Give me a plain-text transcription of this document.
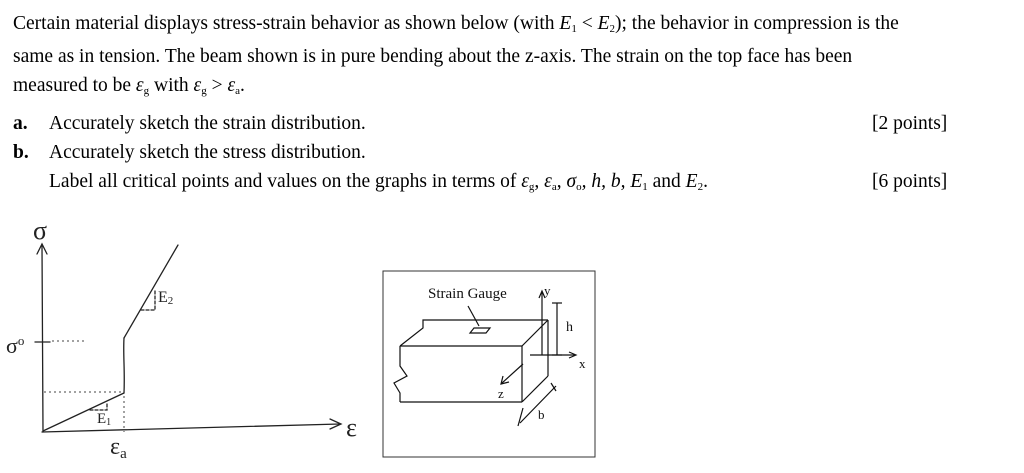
Certain material displays stress-strain behavior as shown below (with $E_1 < E_2$); the behavior in compression is the
same as in tension. The beam shown is in pure bending about the z-axis. The strain on the top face has been
measured to be $\varepsilon_g$ with $\varepsilon_g > \varepsilon_a$.
a. Accurately sketch the strain distribution.	[2 points]
b. Accurately sketch the stress distribution.
Label all critical points and values on the graphs in terms of $\varepsilon_g$, $\varepsilon_a$, $\sigma_o$, h, b, $E_1$ and $E_2$.	[6 points]
σ
ε
$\sigma^o$
εa
E1
E2	Strain Gauge	y
x
z
h
b
